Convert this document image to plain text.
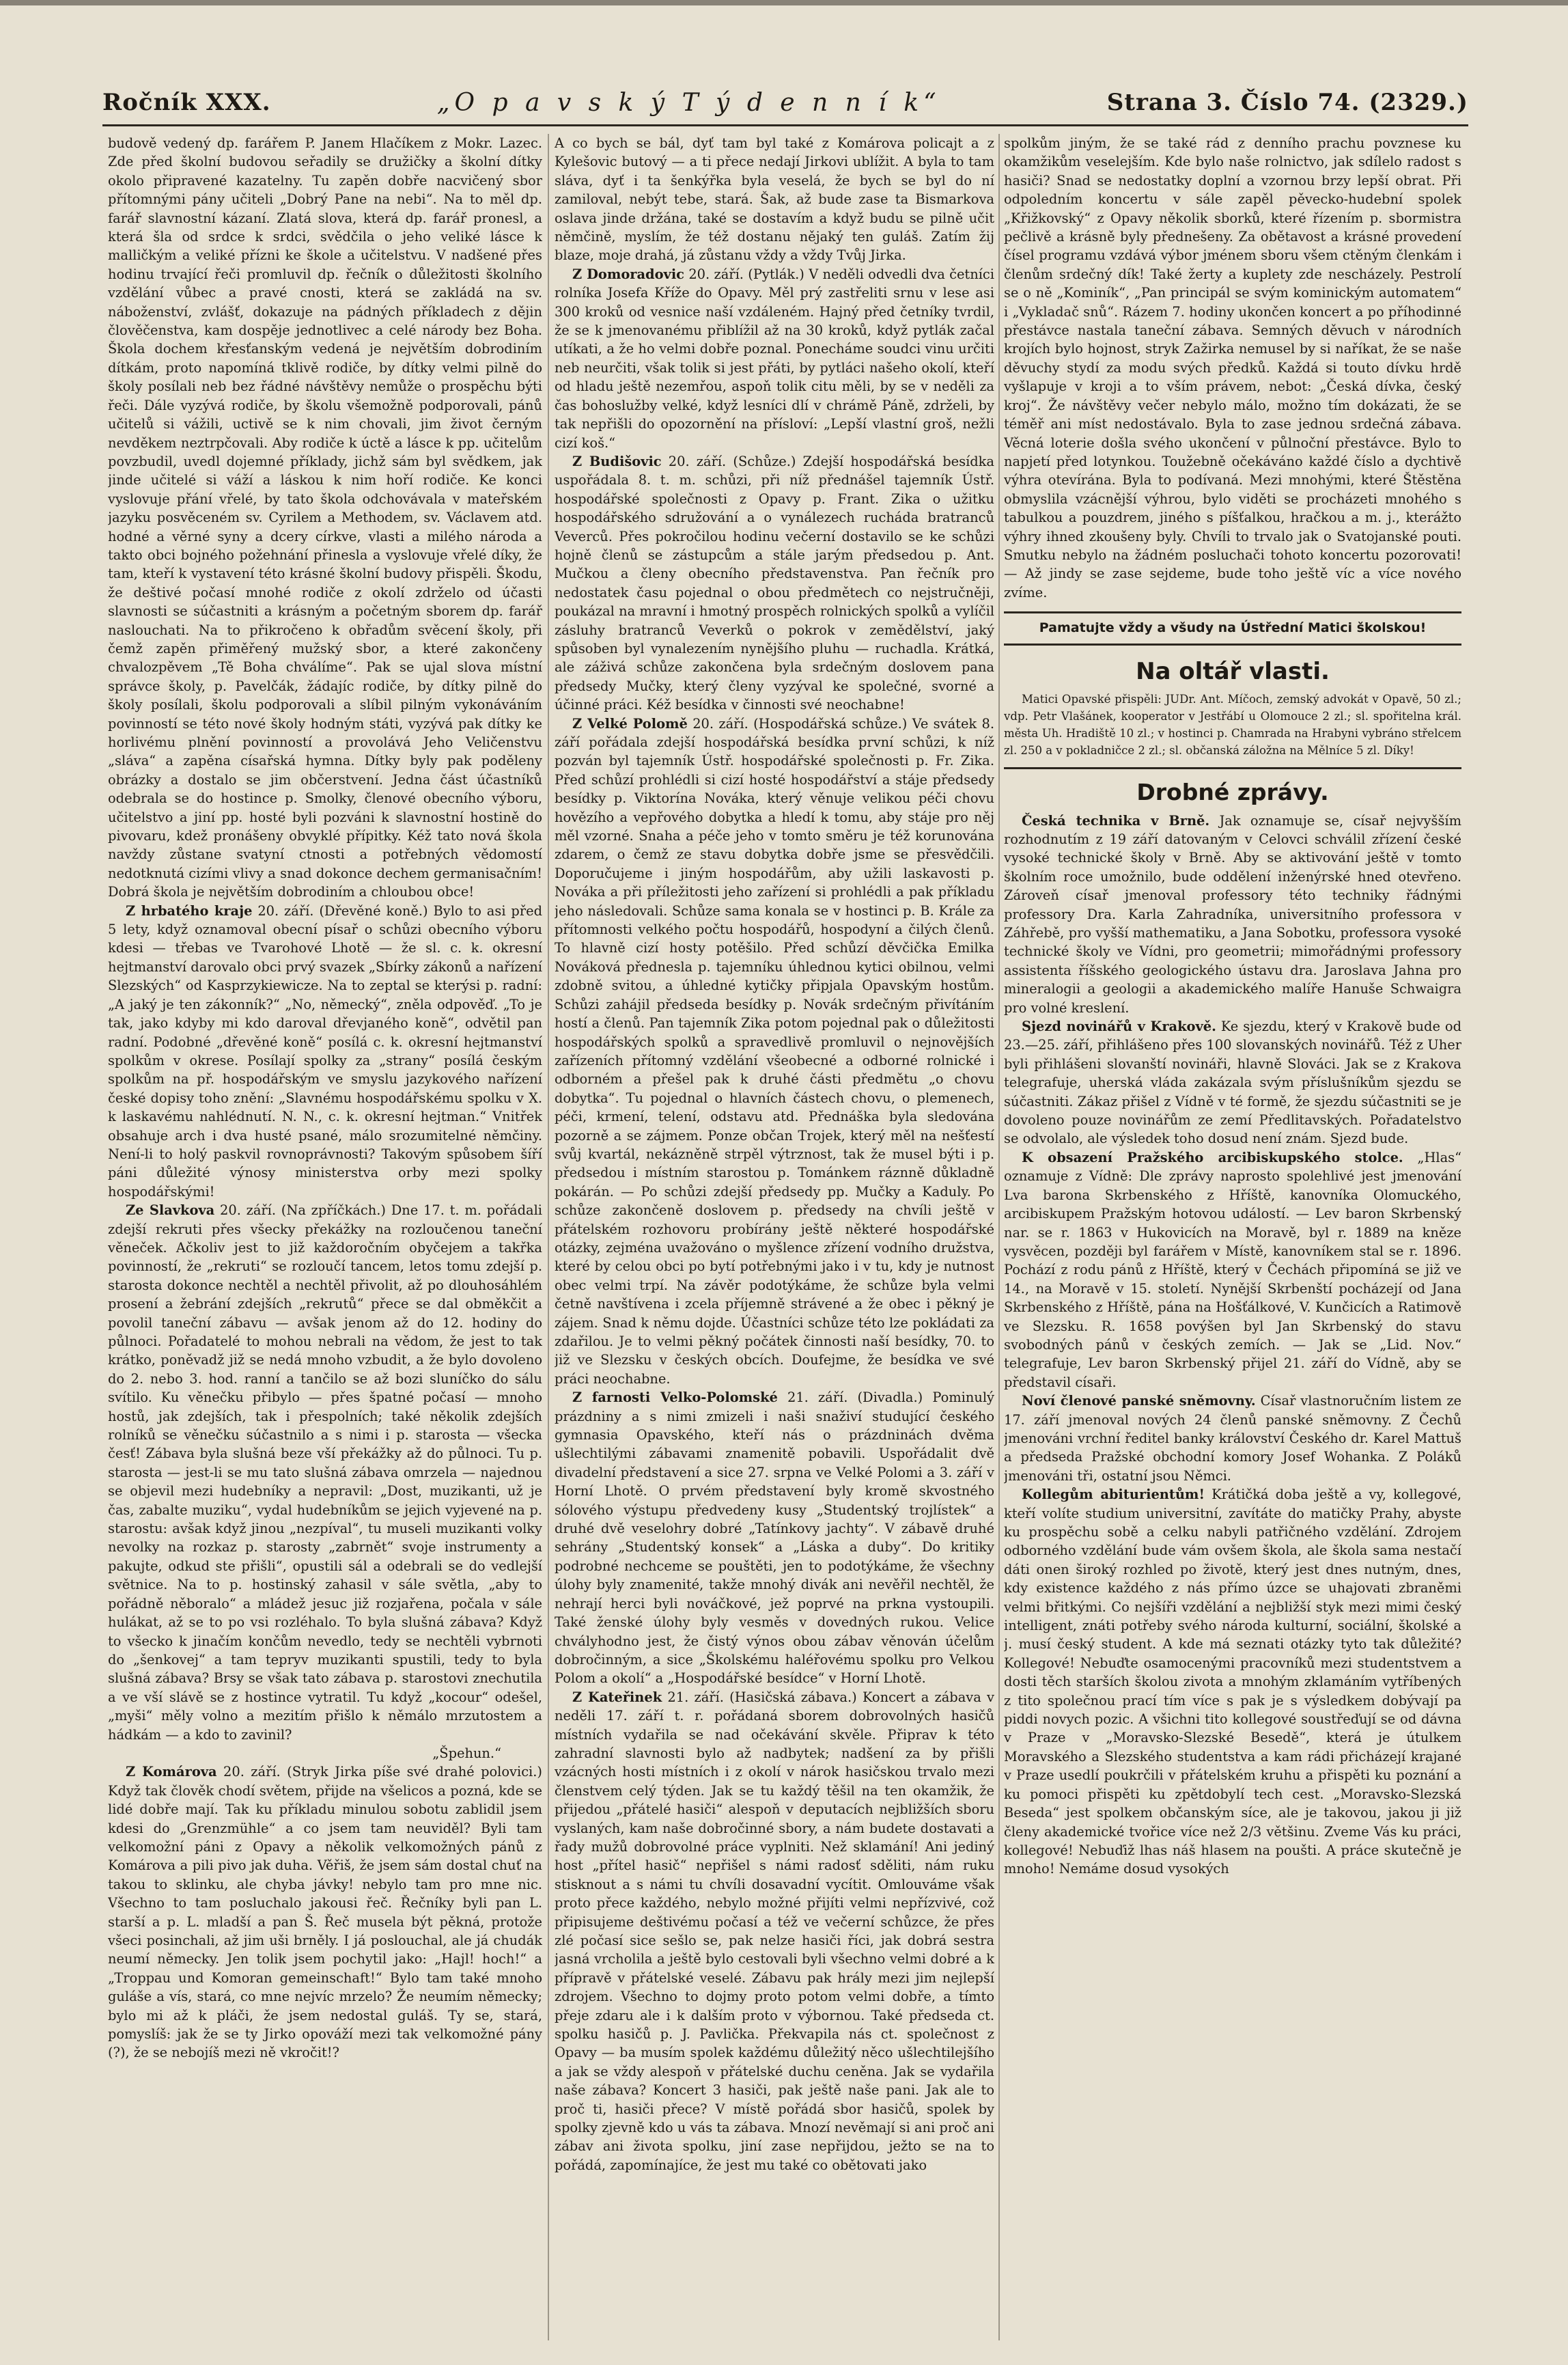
Ročník XXX.	„O p a v s k ý T ý d e n n í k“	Strana 3. Číslo 74. (2329.)

budově vedený dp. farářem P. Janem Hlačíkem z Mokr. Lazec. Zde před školní budovou seřadily se družičky a školní dítky okolo připravené kazatelny. Tu zapěn dobře nacvičený sbor přítomnými pány učiteli „Dobrý Pane na nebi“. Na to měl dp. farář slavnostní kázaní. Zlatá slova, která dp. farář pronesl, a která šla od srdce k srdci, svědčila o jeho veliké lásce k malličkým a veliké přízni ke škole a učitelstvu. V nadšené přes hodinu trvající řeči promluvil dp. řečník o důležitosti školního vzdělání vůbec a pravé cnosti, která se zakládá na sv. náboženství, zvlášť, dokazuje na pádných příkladech z dějin člověčenstva, kam dospěje jednotlivec a celé národy bez Boha. Škola dochem křesťanským vedená je největším dobrodiním dítkám, proto napomíná tklivě rodiče, by dítky velmi pilně do školy posílali neb bez řádné návštěvy nemůže o prospěchu býti řeči. Dále vyzývá rodiče, by školu všemožně podporovali, pánů učitelů si vážili, uctivě se k nim chovali, jim život černým nevděkem neztrpčovali. Aby rodiče k úctě a lásce k pp. učitelům povzbudil, uvedl dojemné příklady, jichž sám byl svědkem, jak jinde učitelé si váží a láskou k nim hoří rodiče. Ke konci vyslovuje přání vřelé, by tato škola odchovávala v mateřském jazyku posvěceném sv. Cyrilem a Methodem, sv. Václavem atd. hodné a věrné syny a dcery církve, vlasti a milého národa a takto obci bojného požehnání přinesla a vyslovuje vřelé díky, že tam, kteří k vystavení této krásné školní budovy přispěli. Škodu, že deštivé počasí mnohé rodiče z okolí zdrželo od účasti slavnosti se súčastniti a krásným a početným sborem dp. farář naslouchati. Na to přikročeno k obřadům svěcení školy, při čemž zapěn přiměřený mužský sbor, a které zakončeny chvalozpěvem „Tě Boha chválíme“. Pak se ujal slova místní správce školy, p. Pavelčák, žádajíc rodiče, by dítky pilně do školy posílali, školu podporovali a slíbil pilným vykonáváním povinností se této nové školy hodným státi, vyzývá pak dítky ke horlivému plnění povinností a provolává Jeho Veličenstvu „sláva“ a zapěna císařská hymna. Dítky byly pak poděleny obrázky a dostalo se jim občerstvení. Jedna část účastníků odebrala se do hostince p. Smolky, členové obecního výboru, učitelstvo a jiní pp. hosté byli pozváni k slavnostní hostině do pivovaru, kdež pronášeny obvyklé přípitky. Kéž tato nová škola navždy zůstane svatyní ctnosti a potřebných vědomostí nedotknutá cizími vlivy a snad dokonce dechem germanisačním! Dobrá škola je největším dobrodiním a chloubou obce!

Z hrbatého kraje 20. září. (Dřevěné koně.) Bylo to asi před 5 lety, když oznamoval obecní písař o schůzi obecního výboru kdesi — třebas ve Tvarohové Lhotě — že sl. c. k. okresní hejtmanství darovalo obci prvý svazek „Sbírky zákonů a nařízení Slezských“ od Kasprzykiewicze. Na to zeptal se kterýsi p. radní: „A jaký je ten zákonník?“ „No, německý“, zněla odpověď. „To je tak, jako kdyby mi kdo daroval dřevjaného koně“, odvětil pan radní. Podobné „dřevěné koně“ posílá c. k. okresní hejtmanství spolkům v okrese. Posílají spolky za „strany“ posílá českým spolkům na př. hospodářským ve smyslu jazykového nařízení české dopisy toho znění: „Slavnému hospodářskému spolku v X. k laskavému nahlédnutí. N. N., c. k. okresní hejtman.“ Vnitřek obsahuje arch i dva husté psané, málo srozumitelné němčiny. Není-li to holý paskvil rovnoprávnosti? Takovým spůsobem šíří páni důležité výnosy ministerstva orby mezi spolky hospodářskými!

Ze Slavkova 20. září. (Na zpříčkách.) Dne 17. t. m. pořádali zdejší rekruti přes všecky překážky na rozloučenou taneční věneček. Ačkoliv jest to již každoročním obyčejem a takřka povinností, že „rekruti“ se rozloučí tancem, letos tomu zdejší p. starosta dokonce nechtěl a nechtěl přivolit, až po dlouhosáhlém prosení a žebrání zdejších „rekrutů“ přece se dal obměkčit a povolil taneční zábavu — avšak jenom až do 12. hodiny do půlnoci. Pořadatelé to mohou nebrali na vědom, že jest to tak krátko, poněvadž již se nedá mnoho vzbudit, a že bylo dovoleno do 2. nebo 3. hod. ranní a tančilo se až bozi sluníčko do sálu svítilo. Ku věnečku přibylo — přes špatné počasí — mnoho hostů, jak zdejších, tak i přespolních; také několik zdejších rolníků se věnečku súčastnilo a s nimi i p. starosta — všecka česť! Zábava byla slušná beze vší překážky až do půlnoci. Tu p. starosta — jest-li se mu tato slušná zábava omrzela — najednou se objevil mezi hudebníky a nepravil: „Dost, muzikanti, už je čas, zabalte muziku“, vydal hudebníkům se jejich vyjevené na p. starostu: avšak když jinou „nezpíval“, tu museli muzikanti volky nevolky na rozkaz p. starosty „zabrnět“ svoje instrumenty a pakujte, odkud ste přišli“, opustili sál a odebrali se do vedlejší světnice. Na to p. hostinský zahasil v sále světla, „aby to pořádně něboralo“ a mládež jesuc již rozjařena, počala v sále hulákat, až se to po vsi rozléhalo. To byla slušná zábava? Když to všecko k jinačím končům nevedlo, tedy se nechtěli vybrnoti do „šenkovej“ a tam tepryv muzikanti spustili, tedy to byla slušná zábava? Brsy se však tato zábava p. starostovi znechutila a ve vší slávě se z hostince vytratil. Tu když „kocour“ odešel, „myši“ měly volno a mezitím přišlo k němálo mrzutostem a hádkám — a kdo to zavinil?

„Špehun.“

Z Komárova 20. září. (Stryk Jirka píše své drahé polovici.) Když tak člověk chodí světem, přijde na všelicos a pozná, kde se lidé dobře mají. Tak ku příkladu minulou sobotu zablidil jsem kdesi do „Grenzmühle“ a co jsem tam neuviděl? Byli tam velkomožní páni z Opavy a několik velkomožných pánů z Komárova a pili pivo jak duha. Věřiš, že jsem sám dostal chuť na takou to sklinku, ale chyba jávky! nebylo tam pro mne nic. Všechno to tam posluchalo jakousi řeč. Řečníky byli pan L. starší a p. L. mladší a pan Š. Řeč musela být pěkná, protože všeci posinchali, až jim uši brněly. I já poslouchal, ale já chudák neumí německy. Jen tolik jsem pochytil jako: „Hajl! hoch!“ a „Troppau und Komoran gemeinschaft!“ Bylo tam také mnoho guláše a vís, stará, co mne nejvíc mrzelo? Že neumím německy; bylo mi až k pláči, že jsem nedostal guláš. Ty se, stará, pomyslíš: jak že se ty Jirko opováží mezi tak velkomožné pány (?), že se nebojíš mezi ně vkročit!?

A co bych se bál, dyť tam byl také z Komárova policajt a z Kylešovic butový — a ti přece nedají Jirkovi ublížit. A byla to tam sláva, dyť i ta šenkýřka byla veselá, že bych se byl do ní zamiloval, nebýt tebe, stará. Šak, až bude zase ta Bismarkova oslava jinde držána, také se dostavím a když budu se pilně učit němčině, myslím, že též dostanu nějaký ten guláš. Zatím žij blaze, moje drahá, já zůstanu vždy a vždy Tvůj Jirka.

Z Domoradovic 20. září. (Pytlák.) V neděli odvedli dva četníci rolníka Josefa Kříže do Opavy. Měl prý zastřeliti srnu v lese asi 300 kroků od vesnice naší vzdáleném. Hajný před četníky tvrdil, že se k jmenovanému přiblížil až na 30 kroků, když pytlák začal utíkati, a že ho velmi dobře poznal. Ponecháme soudci vinu určiti neb neurčiti, však tolik si jest přáti, by pytláci našeho okolí, kteří od hladu ještě nezemřou, aspoň tolik citu měli, by se v neděli za čas bohoslužby velké, když lesníci dlí v chrámě Páně, zdrželi, by tak nepřišli do opozornění na přísloví: „Lepší vlastní groš, nežli cizí koš.“

Z Budišovic 20. září. (Schůze.) Zdejší hospodářská besídka uspořádala 8. t. m. schůzi, při níž přednášel tajemník Ústř. hospodářské společnosti z Opavy p. Frant. Zika o užitku hospodářského sdružování a o vynálezech rucháda bratranců Veverců. Přes pokročilou hodinu večerní dostavilo se ke schůzi hojně členů se zástupcům a stále jarým předsedou p. Ant. Mučkou a členy obecního představenstva. Pan řečník pro nedostatek času pojednal o obou předmětech co nejstručněji, poukázal na mravní i hmotný prospěch rolnických spolků a vylíčil zásluhy bratranců Veverků o pokrok v zemědělství, jaký spůsoben byl vynalezením nynějšího pluhu — ruchadla. Krátká, ale záživá schůze zakončena byla srdečným doslovem pana předsedy Mučky, který členy vyzýval ke společné, svorné a účinné práci. Kéž besídka v činnosti své neochabne!

Z Velké Polomě 20. září. (Hospodářská schůze.) Ve svátek 8. září pořádala zdejší hospodářská besídka první schůzi, k níž pozván byl tajemník Ústř. hospodářské společnosti p. Fr. Zika. Před schůzí prohlédli si cizí hosté hospodářství a stáje předsedy besídky p. Viktorína Nováka, který věnuje velikou péči chovu hovězího a vepřového dobytka a hledí k tomu, aby stáje pro něj měl vzorné. Snaha a péče jeho v tomto směru je též korunována zdarem, o čemž ze stavu dobytka dobře jsme se přesvědčili. Doporučujeme i jiným hospodářům, aby užili laskavosti p. Nováka a při příležitosti jeho zařízení si prohlédli a pak příkladu jeho následovali. Schůze sama konala se v hostinci p. B. Krále za přítomnosti velkého počtu hospodářů, hospodyní a čilých členů. To hlavně cizí hosty potěšilo. Před schůzí děvčička Emilka Nováková přednesla p. tajemníku úhlednou kytici obilnou, velmi zdobně svitou, a úhledné kytičky připjala Opavským hostům. Schůzi zahájil předseda besídky p. Novák srdečným přivítáním hostí a členů. Pan tajemník Zika potom pojednal pak o důležitosti hospodářských spolků a spravedlivě promluvil o nejnovějších zařízeních přítomný vzdělání všeobecné a odborné rolnické i odborném a přešel pak k druhé části předmětu „o chovu dobytka“. Tu pojednal o hlavních částech chovu, o plemenech, péči, krmení, telení, odstavu atd. Přednáška byla sledována pozorně a se zájmem. Ponze občan Trojek, který měl na nešťestí svůj kvartál, nekázněně strpěl výtrznost, tak že musel býti i p. předsedou i místním starostou p. Tománkem ráznně důkladně pokárán. — Po schůzi zdejší předsedy pp. Mučky a Kaduly. Po schůze zakončeně doslovem p. předsedy na chvíli ještě v přátelském rozhovoru probírány ještě některé hospodářské otázky, zejména uvažováno o myšlence zřízení vodního družstva, které by celou obci po bytí potřebnými jako i v tu, kdy je nutnost obec velmi trpí. Na závěr podotýkáme, že schůze byla velmi četně navštívena i zcela příjemně strávené a že obec i pěkný je zájem. Snad k němu dojde. Účastníci schůze této lze pokládati za zdařilou. Je to velmi pěkný počátek činnosti naší besídky, 70. to již ve Slezsku v českých obcích. Doufejme, že besídka ve své práci neochabne.

Z farnosti Velko-Polomské 21. září. (Divadla.) Pominulý prázdniny a s nimi zmizeli i naši snaživí studující českého gymnasia Opavského, kteří nás o prázdninách dvěma ušlechtilými zábavami znamenitě pobavili. Uspořádalit dvě divadelní představení a sice 27. srpna ve Velké Polomi a 3. září v Horní Lhotě. O prvém představení byly kromě skvostného sólového výstupu předvedeny kusy „Studentský trojlístek“ a druhé dvě veselohry dobré „Tatínkovy jachty“. V zábavě druhé sehrány „Studentský konsek“ a „Láska a duby“. Do kritiky podrobné nechceme se pouštěti, jen to podotýkáme, že všechny úlohy byly znamenité, takže mnohý divák ani nevěřil nechtěl, že nehrají herci byli nováčkové, jež poprvé na prkna vystoupili. Také ženské úlohy byly vesměs v dovedných rukou. Velice chvályhodno jest, že čistý výnos obou zábav věnován účelům dobročinným, a sice „Školskému haléřovému spolku pro Velkou Polom a okolí“ a „Hospodářské besídce“ v Horní Lhotě.

Z Kateřinek 21. září. (Hasičská zábava.) Koncert a zábava v neděli 17. září t. r. pořádaná sborem dobrovolných hasičů místních vydařila se nad očekávání skvěle. Připrav k této zahradní slavnosti bylo až nadbytek; nadšení za by přišli vzácných hosti místních i z okolí v nárok hasičskou trvalo mezi členstvem celý týden. Jak se tu každý těšil na ten okamžik, že přijedou „přátelé hasiči“ alespoň v deputacích nejbližších sboru vyslaných, kam naše dobročinné sbory, a nám budete dostavati a řady mužů dobrovolné práce vyplniti. Než sklamání! Ani jediný host „přítel hasič“ nepřišel s námi radosť sděliti, nám ruku stisknout a s námi tu chvíli dosavadní vycítit. Omlouváme však proto přece každého, nebylo možné přijíti velmi nepřízvivé, což připisujeme deštivému počasí a též ve večerní schůzce, že přes zlé počasí sice sešlo se, pak nelze hasiči říci, jak dobrá sestra jasná vrcholila a ještě bylo cestovali byli všechno velmi dobré a k přípravě v přátelské veselé. Zábavu pak hrály mezi jim nejlepší zdrojem. Všechno to dojmy proto potom velmi dobře, a tímto přeje zdaru ale i k dalším proto v výbornou. Také předseda ct. spolku hasičů p. J. Pavlička. Překvapila nás ct. společnost z Opavy — ba musím spolek každému důležitý něco ušlechtilejšího a jak se vždy alespoň v přátelské duchu ceněna. Jak se vydařila naše zábava? Koncert 3 hasiči, pak ještě naše pani. Jak ale to proč ti, hasiči přece? V místě pořádá sbor hasičů, spolek by spolky zjevně kdo u vás ta zábava. Mnozí nevěmají si ani proč ani zábav ani života spolku, jiní zase nepřijdou, ježto se na to pořádá, zapomínajíce, že jest mu také co obětovati jako

spolkům jiným, že se také rád z denního prachu povznese ku okamžikům veselejším. Kde bylo naše rolnictvo, jak sdílelo radost s hasiči? Snad se nedostatky doplní a vzornou brzy lepší obrat. Při odpoledním koncertu v sále zapěl pěvecko-hudební spolek „Křižkovský“ z Opavy několik sborků, které řízením p. sbormistra pečlivě a krásně byly přednešeny. Za obětavost a krásné provedení čísel programu vzdává výbor jménem sboru všem ctěným členkám i členům srdečný dík! Také žerty a kuplety zde nescházely. Pestrolí se o ně „Kominík“, „Pan principál se svým kominickým automatem“ i „Vykladač snů“. Rázem 7. hodiny ukončen koncert a po příhodinné přestávce nastala taneční zábava. Semných děvuch v národních krojích bylo hojnost, stryk Zažirka nemusel by si naříkat, že se naše děvuchy stydí za modu svých předků. Každá si touto dívku hrdě vyšlapuje v kroji a to vším právem, nebot: „Česká dívka, český kroj“. Že návštěvy večer nebylo málo, možno tím dokázati, že se téměř ani míst nedostávalo. Byla to zase jednou srdečná zábava. Věcná loterie došla svého ukončení v půlnoční přestávce. Bylo to napjetí před lotynkou. Toužebně očekáváno každé číslo a dychtivě výhra otevírána. Byla to podívaná. Mezi mnohými, které Štěstěna obmyslila vzácnější výhrou, bylo viděti se procházeti mnohého s tabulkou a pouzdrem, jiného s píšťalkou, hračkou a m. j., kterážto výhry ihned zkoušeny byly. Chvíli to trvalo jak o Svatojanské pouti. Smutku nebylo na žádném posluchači tohoto koncertu pozorovati! — Až jindy se zase sejdeme, bude toho ještě víc a více nového zvíme.

Pamatujte vždy a všudy na Ústřední Matici školskou!
Na oltář vlasti.

Matici Opavské přispěli: JUDr. Ant. Míčoch, zemský advokát v Opavě, 50 zl.; vdp. Petr Vlašánek, kooperator v Jestřábí u Olomouce 2 zl.; sl. spořitelna král. města Uh. Hradiště 10 zl.; v hostinci p. Chamrada na Hrabyni vybráno střelcem zl. 250 a v pokladničce 2 zl.; sl. občanská záložna na Mělníce 5 zl. Díky!

Drobné zprávy.

Česká technika v Brně. Jak oznamuje se, císař nejvyšším rozhodnutím z 19 září datovaným v Celovci schválil zřízení české vysoké technické školy v Brně. Aby se aktivování ještě v tomto školním roce umožnilo, bude oddělení inženýrské hned otevřeno. Zároveň císař jmenoval professory této techniky řádnými professory Dra. Karla Zahradníka, universitního professora v Záhřebě, pro vyšší mathematiku, a Jana Sobotku, professora vysoké technické školy ve Vídni, pro geometrii; mimořádnými professory assistenta říšského geologického ústavu dra. Jaroslava Jahna pro mineralogii a geologii a akademického malíře Hanuše Schwaigra pro volné kreslení.

Sjezd novinářů v Krakově. Ke sjezdu, který v Krakově bude od 23.—25. září, přihlášeno přes 100 slovanských novinářů. Též z Uher byli přihlášeni slovanští novináři, hlavně Slováci. Jak se z Krakova telegrafuje, uherská vláda zakázala svým příslušníkům sjezdu se súčastniti. Zákaz přišel z Vídně v té formě, že sjezdu súčastniti se je dovoleno pouze novinářům ze zemí Předlitavských. Pořadatelstvo se odvolalo, ale výsledek toho dosud není znám. Sjezd bude.

K obsazení Pražského arcibiskupského stolce. „Hlas“ oznamuje z Vídně: Dle zprávy naprosto spolehlivé jest jmenování Lva barona Skrbenského z Hříště, kanovníka Olomuckého, arcibiskupem Pražským hotovou událostí. — Lev baron Skrbenský nar. se r. 1863 v Hukovicích na Moravě, byl r. 1889 na kněze vysvěcen, později byl farářem v Místě, kanovníkem stal se r. 1896. Pochází z rodu pánů z Hříště, který v Čechách připomíná se již ve 14., na Moravě v 15. století. Nynější Skrbenští pocházejí od Jana Skrbenského z Hříště, pána na Hošťálkové, V. Kunčicích a Ratimově ve Slezsku. R. 1658 povýšen byl Jan Skrbenský do stavu svobodných pánů v českých zemích. — Jak se „Lid. Nov.“ telegrafuje, Lev baron Skrbenský přijel 21. září do Vídně, aby se představil císaři.

Noví členové panské sněmovny. Císař vlastnoručním listem ze 17. září jmenoval nových 24 členů panské sněmovny. Z Čechů jmenováni vrchní ředitel banky království Českého dr. Karel Mattuš a předseda Pražské obchodní komory Josef Wohanka. Z Poláků jmenováni tři, ostatní jsou Němci.

Kollegům abiturientům! Krátičká doba ještě a vy, kollegové, kteří volíte studium universitní, zavítáte do matičky Prahy, abyste ku prospěchu sobě a celku nabyli patřičného vzdělání. Zdrojem odborného vzdělání bude vám ovšem škola, ale škola sama nestačí dáti onen široký rozhled po životě, který jest dnes nutným, dnes, kdy existence každého z nás přímo úzce se uhajovati zbraněmi velmi břitkými. Co nejšíři vzdělání a nejbližší styk mezi mimi český intelligent, znáti potřeby svého národa kulturní, sociální, školské a j. musí český student. A kde má seznati otázky tyto tak důležité? Kollegové! Nebuďte osamocenými pracovníků mezi studentstvem a dosti těch starších školou zivota a mnohým zklamáním vytříbených z tito společnou prací tím více s pak je s výsledkem dobývají pa piddi novych pozic. A všichni tito kollegové soustřeďují se od dávna v Praze v „Moravsko-Slezské Besedě“, která je útulkem Moravského a Slezského studentstva a kam rádi přicházejí krajané v Praze usedlí poukrčili v přátelském kruhu a přispěti ku poznání a ku pomoci přispěti ku zpětdobylí tech cest. „Moravsko-Slezská Beseda“ jest spolkem občanským síce, ale je takovou, jakou ji již členy akademické tvořice více než 2/3 většinu. Zveme Vás ku práci, kollegové! Nebuďiž lhas náš hlasem na poušti. A práce skutečně je mnoho! Nemáme dosud vysokých
